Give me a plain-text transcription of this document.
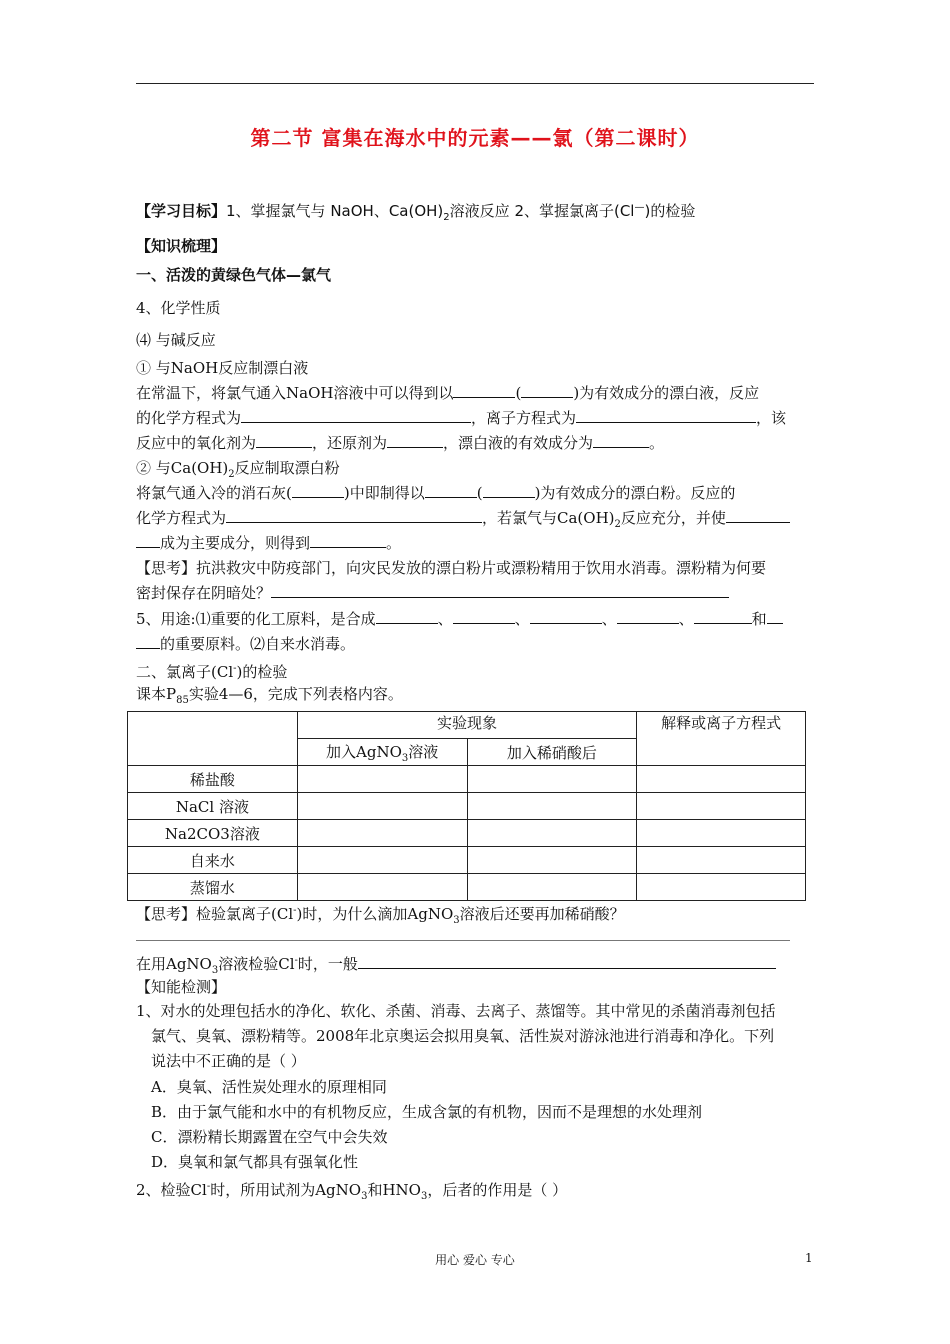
第二节 富集在海水中的元素——氯（第二课时）
【学习目标】1、掌握氯气与 NaOH、$Ca(OH)_2$溶液反应 2、掌握氯离子(Cl—)的检验
【知识梳理】
一、活泼的黄绿色气体—氯气
4、化学性质
⑷ 与碱反应
① 与NaOH反应制漂白液
在常温下，将氯气通入NaOH溶液中可以得到以	(	)为有效成分的漂白液，反应
的化学方程式为	，离子方程式为	，该
反应中的氧化剂为	，还原剂为	，漂白液的有效成分为	。
② 与$Ca(OH)_2$反应制取漂白粉
将氯气通入冷的消石灰(	)中即制得以	(	)为有效成分的漂白粉。反应的
化学方程式为	，若氯气与$Ca(OH)_2$反应充分，并使
成为主要成分，则得到	。
【思考】抗洪救灾中防疫部门，向灾民发放的漂白粉片或漂粉精用于饮用水消毒。漂粉精为何要
密封保存在阴暗处？
5、用途:⑴重要的化工原料，是合成	、	、	、	、	和
的重要原料。⑵自来水消毒。
二、氯离子(Cl-)的检验
课本$P_{85}$实验4—6，完成下列表格内容。
	实验现象		解释或离子方程式
	加入AgNO$_3$溶液	加入稀硝酸后	
稀盐酸			
NaCl 溶液			
Na2CO3溶液			
自来水			
蒸馏水			
【思考】检验氯离子(Cl-)时，为什么滴加AgNO$_3$溶液后还要再加稀硝酸？
在用AgNO$_3$溶液检验Cl-时，一般
【知能检测】
1、对水的处理包括水的净化、软化、杀菌、消毒、去离子、蒸馏等。其中常见的杀菌消毒剂包括
氯气、臭氧、漂粉精等。2008年北京奥运会拟用臭氧、活性炭对游泳池进行消毒和净化。下列
说法中不正确的是（ ）
A．臭氧、活性炭处理水的原理相同
B．由于氯气能和水中的有机物反应，生成含氯的有机物，因而不是理想的水处理剂
C．漂粉精长期露置在空气中会失效
D．臭氧和氯气都具有强氧化性
2、检验Cl-时，所用试剂为AgNO$_3$和$HNO_3$，后者的作用是（ ）
用心 爱心 专心	1
